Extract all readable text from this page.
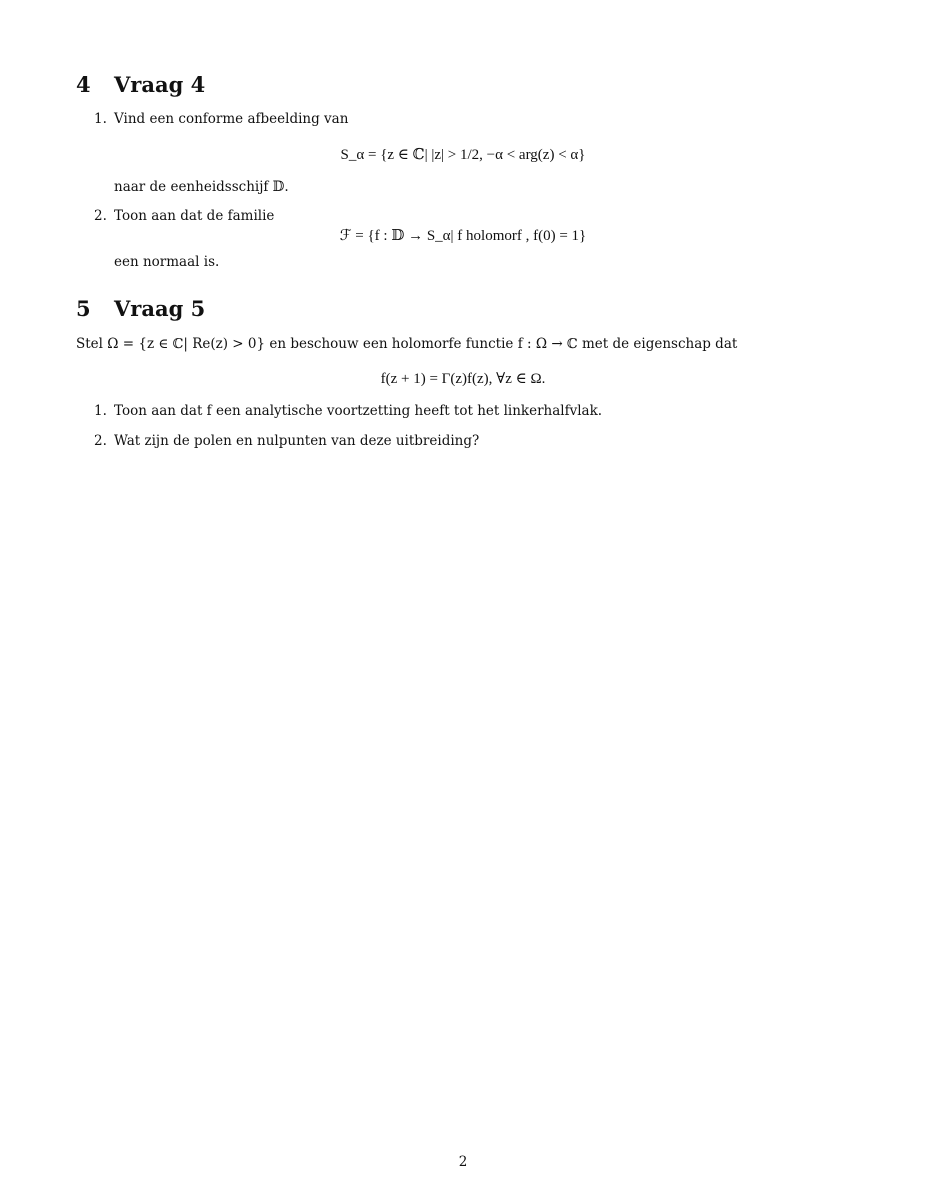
4 Vraag 4
1. Vind een conforme afbeelding van

S_α = {z ∈ ℂ| |z| > 1/2, −α < arg(z) < α}

naar de eenheidsschijf 𝔻.

2. Toon aan dat de familie

ℱ = {f : 𝔻 → S_α| f holomorf , f(0) = 1}

een normaal is.

5 Vraag 5

Stel Ω = {z ∈ ℂ| Re(z) > 0} en beschouw een holomorfe functie f : Ω → ℂ met de eigenschap dat

f(z + 1) = Γ(z)f(z), ∀z ∈ Ω.
1. Toon aan dat f een analytische voortzetting heeft tot het linkerhalfvlak.

2. Wat zijn de polen en nulpunten van deze uitbreiding?

2
